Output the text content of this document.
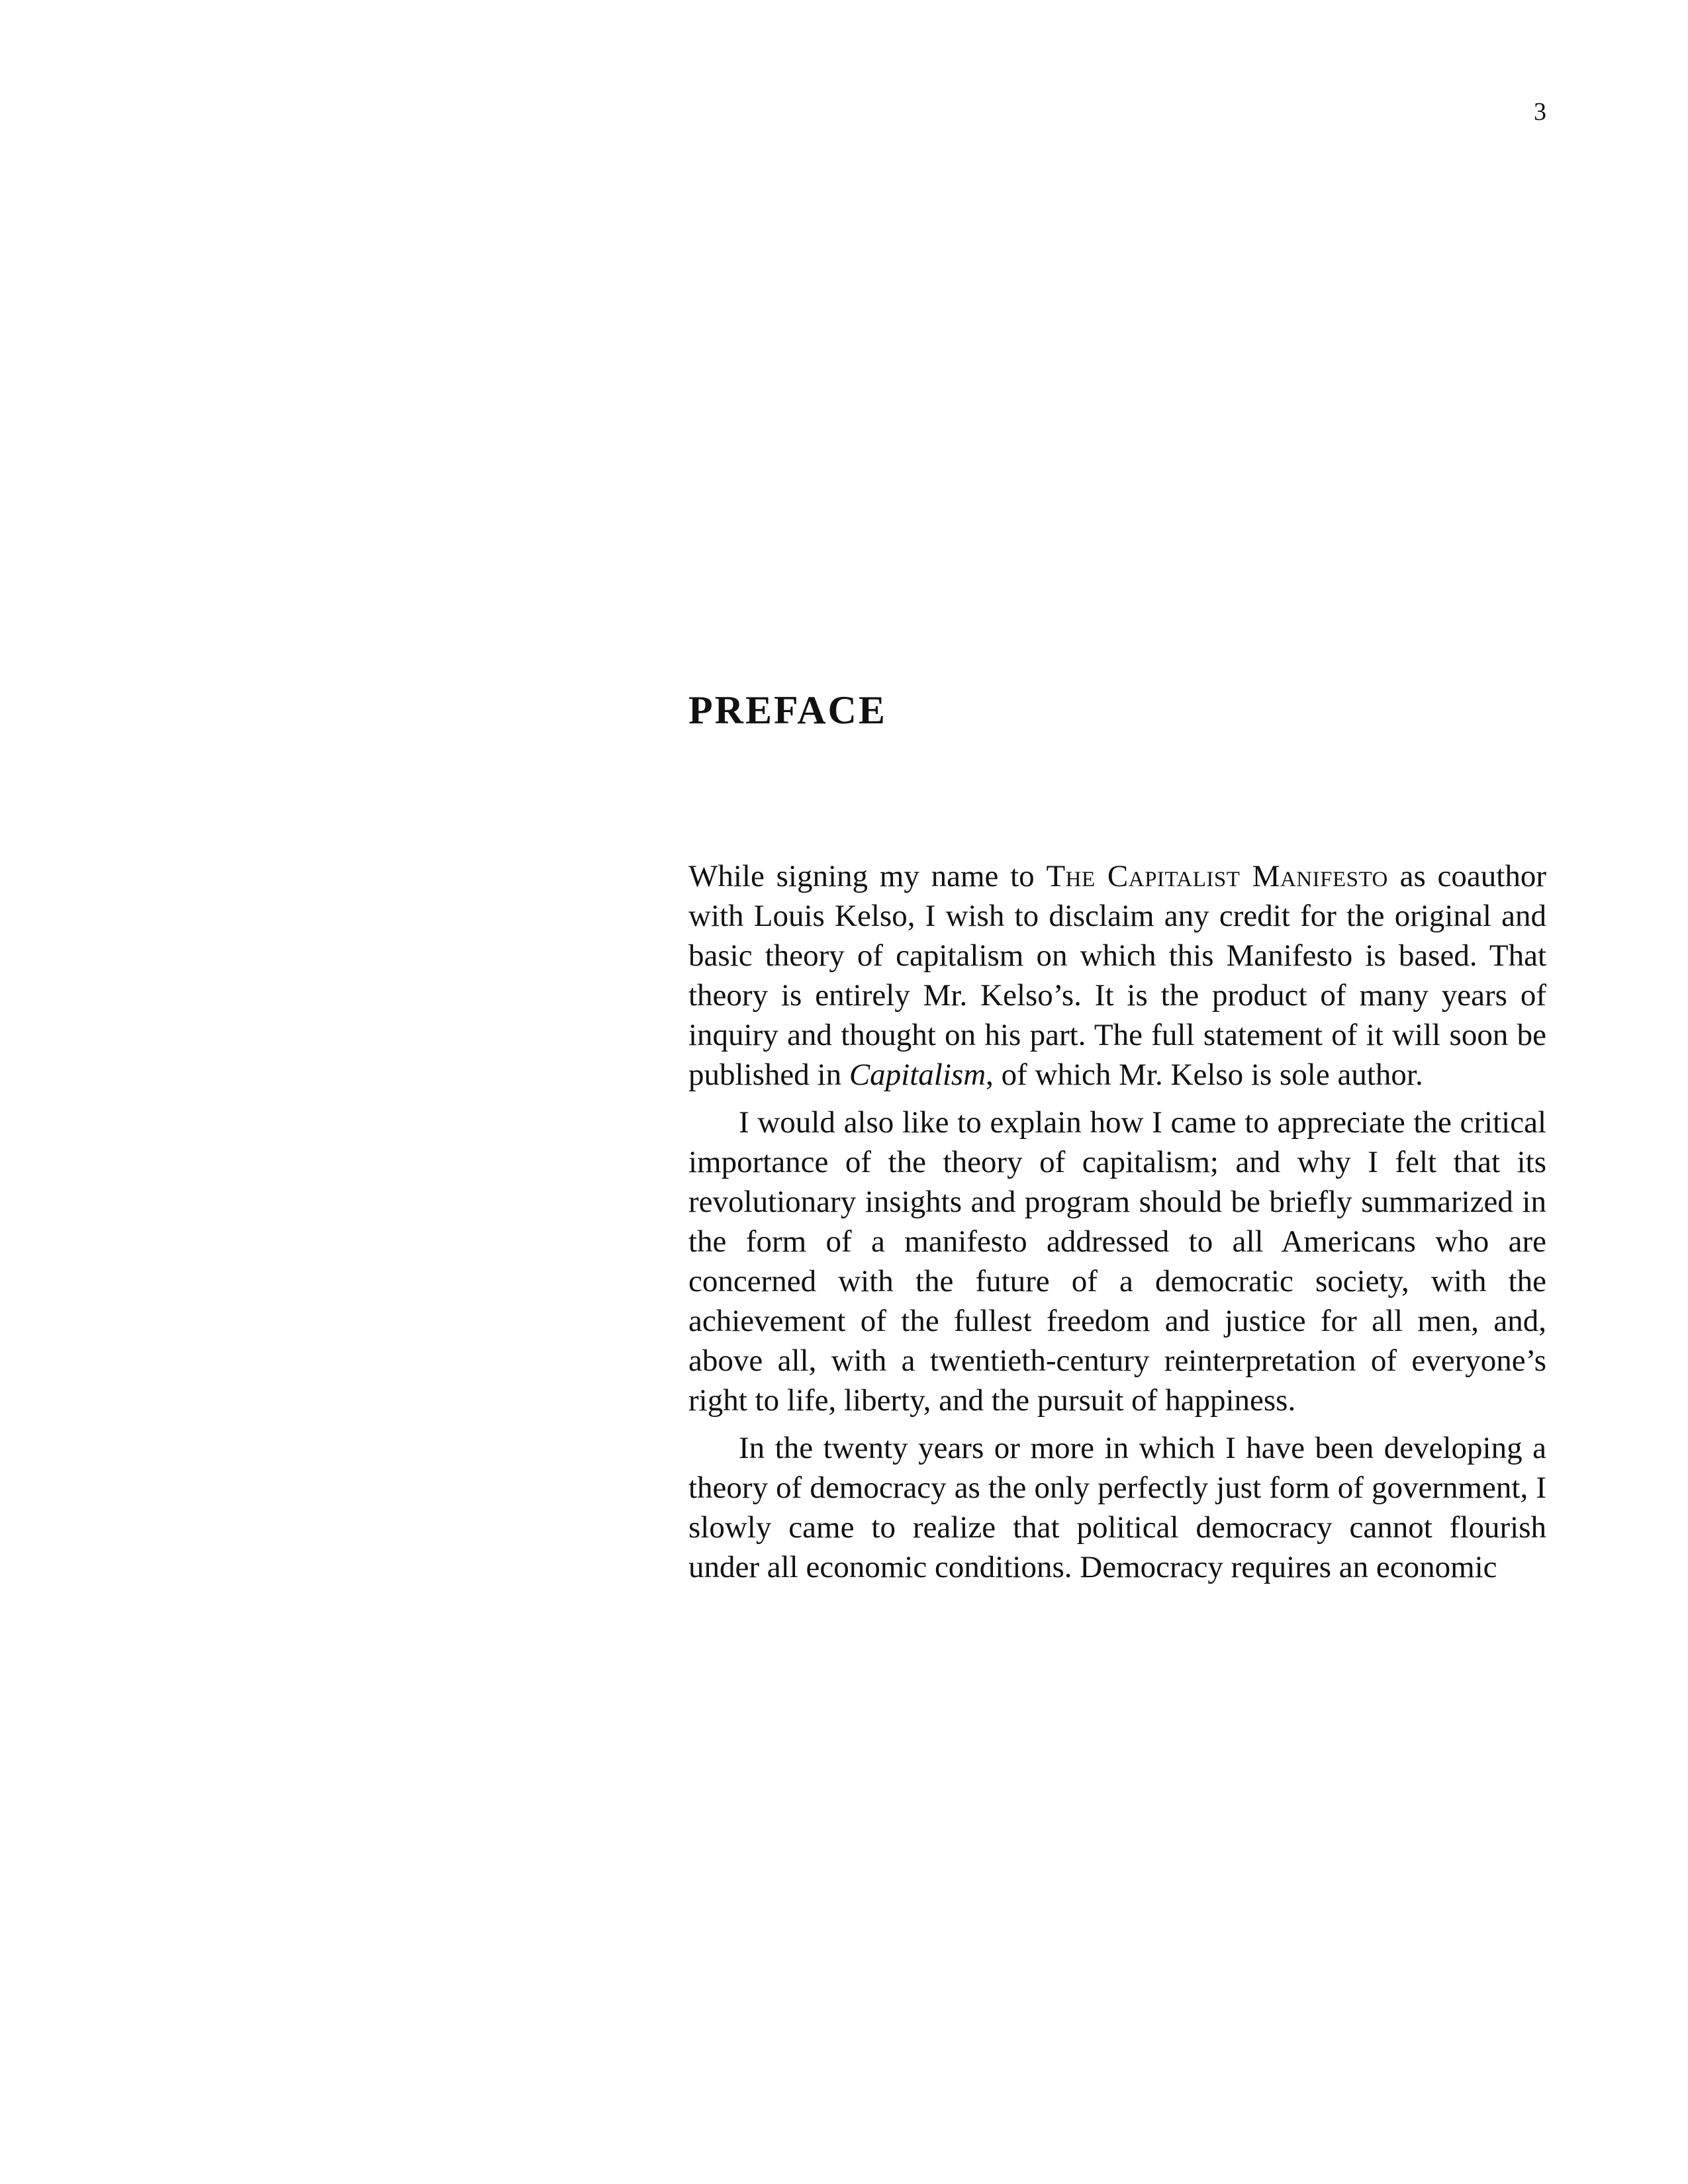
3
PREFACE

While signing my name to The Capitalist Manifesto as coauthor with Louis Kelso, I wish to disclaim any credit for the original and basic theory of capitalism on which this Manifesto is based. That theory is entirely Mr. Kelso’s. It is the product of many years of inquiry and thought on his part. The full statement of it will soon be published in Capitalism, of which Mr. Kelso is sole author.

I would also like to explain how I came to appreciate the critical importance of the theory of capitalism; and why I felt that its revolutionary insights and program should be briefly summarized in the form of a manifesto addressed to all Americans who are concerned with the future of a democratic society, with the achievement of the fullest freedom and justice for all men, and, above all, with a twentieth-century reinterpretation of everyone’s right to life, liberty, and the pursuit of happiness.

In the twenty years or more in which I have been developing a theory of democracy as the only perfectly just form of government, I slowly came to realize that political democracy cannot flourish under all economic conditions. Democracy requires an economic
